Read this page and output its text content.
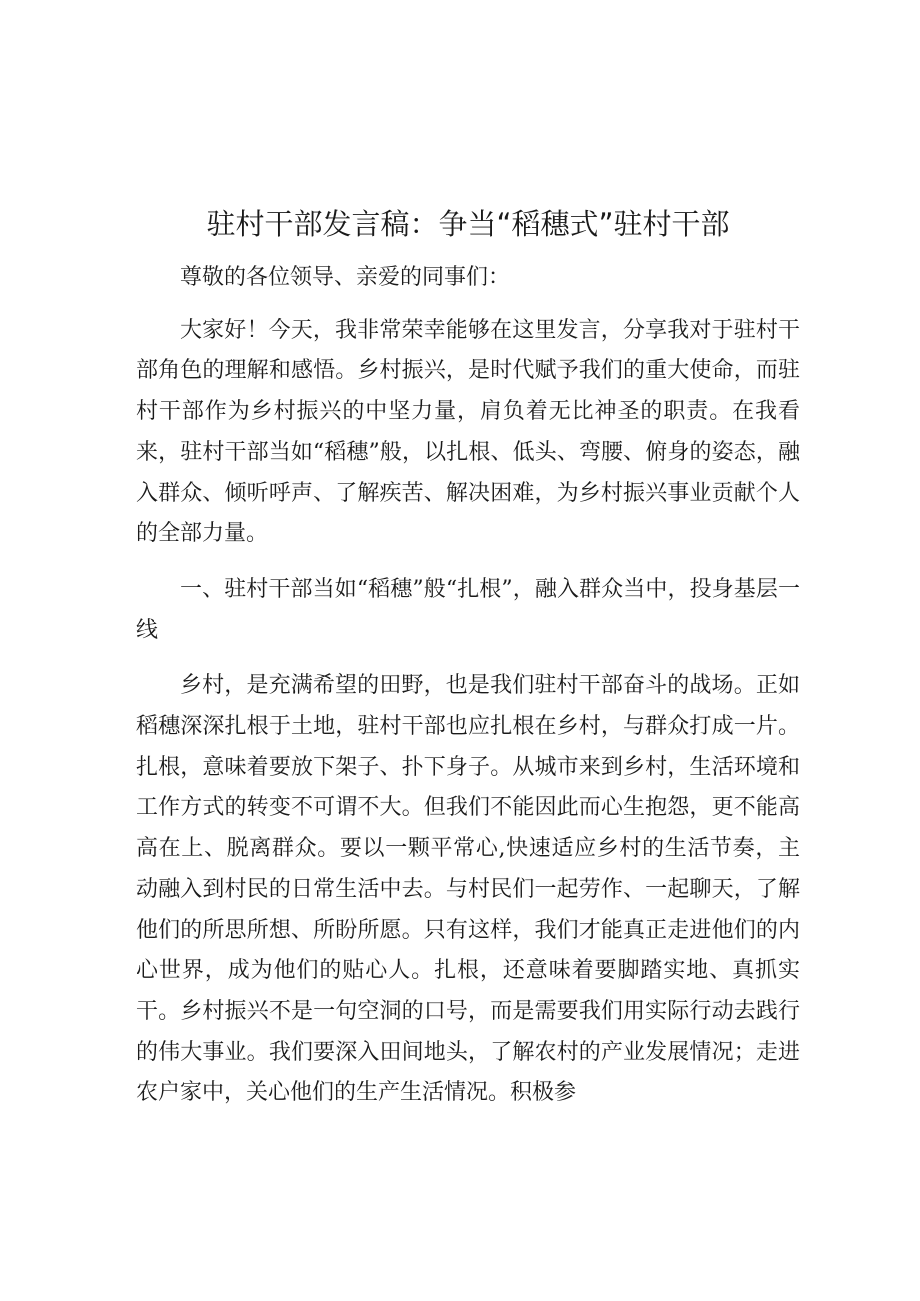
驻村干部发言稿：争当“稻穗式”驻村干部

尊敬的各位领导、亲爱的同事们：

大家好！今天，我非常荣幸能够在这里发言，分享我对于驻村干部角色的理解和感悟。乡村振兴，是时代赋予我们的重大使命，而驻村干部作为乡村振兴的中坚力量，肩负着无比神圣的职责。在我看来，驻村干部当如“稻穗”般，以扎根、低头、弯腰、俯身的姿态，融入群众、倾听呼声、了解疾苦、解决困难，为乡村振兴事业贡献个人的全部力量。

一、驻村干部当如“稻穗”般“扎根”，融入群众当中，投身基层一线

乡村，是充满希望的田野，也是我们驻村干部奋斗的战场。正如稻穗深深扎根于土地，驻村干部也应扎根在乡村，与群众打成一片。扎根，意味着要放下架子、扑下身子。从城市来到乡村，生活环境和工作方式的转变不可谓不大。但我们不能因此而心生抱怨，更不能高高在上、脱离群众。要以一颗平常心,快速适应乡村的生活节奏，主动融入到村民的日常生活中去。与村民们一起劳作、一起聊天，了解他们的所思所想、所盼所愿。只有这样，我们才能真正走进他们的内心世界，成为他们的贴心人。扎根，还意味着要脚踏实地、真抓实干。乡村振兴不是一句空洞的口号，而是需要我们用实际行动去践行的伟大事业。我们要深入田间地头，了解农村的产业发展情况；走进农户家中，关心他们的生产生活情况。积极参
